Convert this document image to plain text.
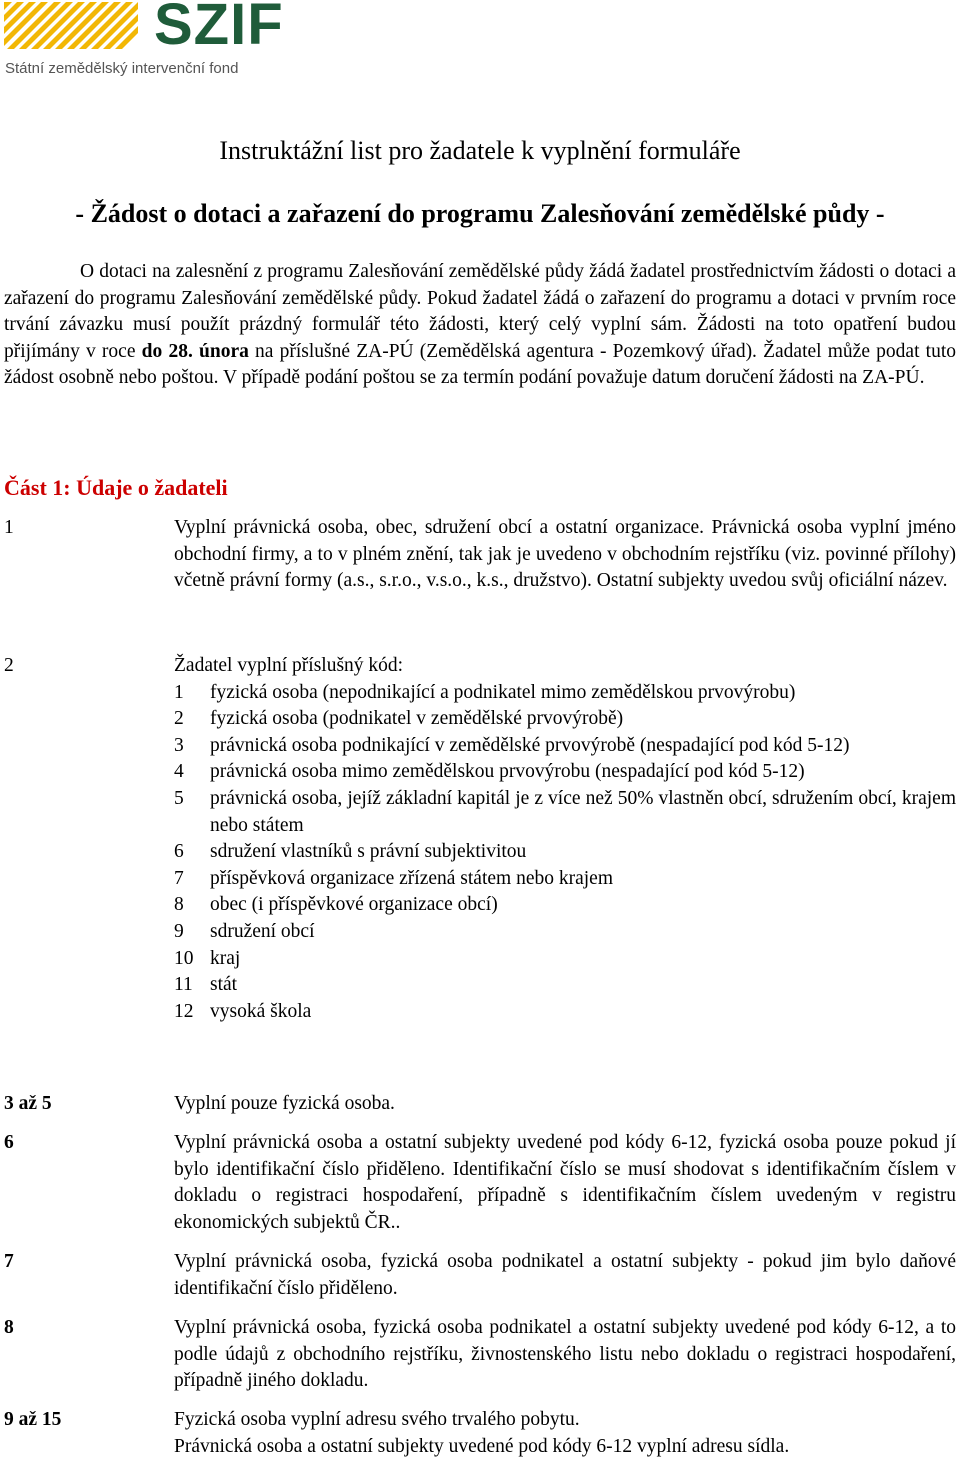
SZIF
Státní zemědělský intervenční fond
Instruktážní list pro žadatele k vyplnění formuláře
- Žádost o dotaci a zařazení do programu Zalesňování zemědělské půdy -
O dotaci na zalesnění z programu Zalesňování zemědělské půdy žádá žadatel prostřednictvím žádosti o dotaci a zařazení do programu Zalesňování zemědělské půdy. Pokud žadatel žádá o zařazení do programu a dotaci v prvním roce trvání závazku musí použít prázdný formulář této žádosti, který celý vyplní sám. Žádosti na toto opatření budou přijímány v roce do 28. února na příslušné ZA-PÚ (Zemědělská agentura - Pozemkový úřad). Žadatel může podat tuto žádost osobně nebo poštou. V případě podání poštou se za termín podání považuje datum doručení žádosti na ZA-PÚ.
Část 1: Údaje o žadateli
1	Vyplní právnická osoba, obec, sdružení obcí a ostatní organizace. Právnická osoba vyplní jméno obchodní firmy, a to v plném znění, tak jak je uvedeno v obchodním rejstříku (viz. povinné přílohy) včetně právní formy (a.s., s.r.o., v.s.o., k.s., družstvo). Ostatní subjekty uvedou svůj oficiální název.
2	Žadatel vyplní příslušný kód:

1	fyzická osoba (nepodnikající a podnikatel mimo zemědělskou prvovýrobu)
2	fyzická osoba (podnikatel v zemědělské prvovýrobě)
3	právnická osoba podnikající v zemědělské prvovýrobě (nespadající pod kód 5-12)
4	právnická osoba mimo zemědělskou prvovýrobu (nespadající pod kód 5-12)
5	právnická osoba, jejíž základní kapitál je z více než 50% vlastněn obcí, sdružením obcí, krajem nebo státem
6	sdružení vlastníků s právní subjektivitou
7	příspěvková organizace zřízená státem nebo krajem
8	obec (i příspěvkové organizace obcí)
9	sdružení obcí
10 kraj
11 stát
12 vysoká škola
3 až 5	Vyplní pouze fyzická osoba.
6	Vyplní právnická osoba a ostatní subjekty uvedené pod kódy 6-12, fyzická osoba pouze pokud jí bylo identifikační číslo přiděleno. Identifikační číslo se musí shodovat s identifikačním číslem v dokladu o registraci hospodaření, případně s identifikačním číslem uvedeným v registru ekonomických subjektů ČR..
7	Vyplní právnická osoba, fyzická osoba podnikatel a ostatní subjekty - pokud jim bylo daňové identifikační číslo přiděleno.
8	Vyplní právnická osoba, fyzická osoba podnikatel a ostatní subjekty uvedené pod kódy 6-12, a to podle údajů z obchodního rejstříku, živnostenského listu nebo dokladu o registraci hospodaření, případně jiného dokladu.
9 až 15	Fyzická osoba vyplní adresu svého trvalého pobytu.

Právnická osoba a ostatní subjekty uvedené pod kódy 6-12 vyplní adresu sídla.
